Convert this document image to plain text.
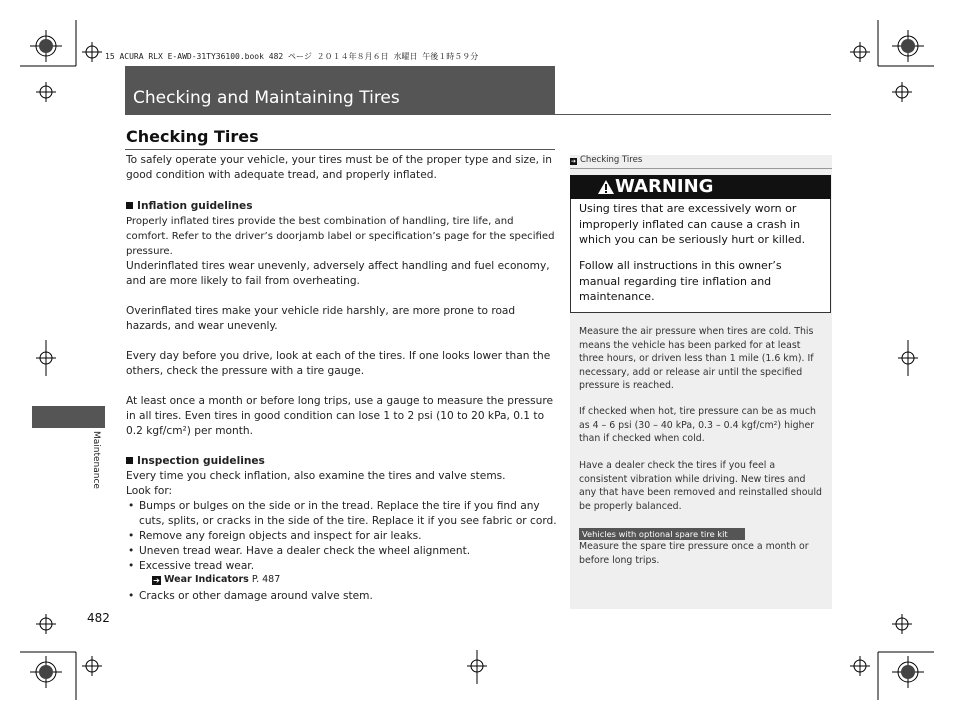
15 ACURA RLX E-AWD-31TY36100.book 482 ページ ２０１４年８月６日 水曜日 午後１時５９分
Checking and Maintaining Tires
Checking Tires
To safely operate your vehicle, your tires must be of the proper type and size, in good condition with adequate tread, and properly inflated.
Inflation guidelines
Properly inflated tires provide the best combination of handling, tire life, and comfort. Refer to the driver’s doorjamb label or specification’s page for the specified pressure.
Underinflated tires wear unevenly, adversely affect handling and fuel economy, and are more likely to fail from overheating.
Overinflated tires make your vehicle ride harshly, are more prone to road hazards, and wear unevenly.
Every day before you drive, look at each of the tires. If one looks lower than the others, check the pressure with a tire gauge.
At least once a month or before long trips, use a gauge to measure the pressure in all tires. Even tires in good condition can lose 1 to 2 psi (10 to 20 kPa, 0.1 to 0.2 kgf/cm²) per month.
Inspection guidelines
Every time you check inflation, also examine the tires and valve stems.
Look for:
• Bumps or bulges on the side or in the tread. Replace the tire if you find any cuts, splits, or cracks in the side of the tire. Replace it if you see fabric or cord.
• Remove any foreign objects and inspect for air leaks.
• Uneven tread wear. Have a dealer check the wheel alignment.
• Excessive tread wear.
➔ Wear Indicators P. 487
• Cracks or other damage around valve stem.
Maintenance
482
➔ Checking Tires
WARNING
Using tires that are excessively worn or improperly inflated can cause a crash in which you can be seriously hurt or killed.
Follow all instructions in this owner’s manual regarding tire inflation and maintenance.
Measure the air pressure when tires are cold. This means the vehicle has been parked for at least three hours, or driven less than 1 mile (1.6 km). If necessary, add or release air until the specified pressure is reached.
If checked when hot, tire pressure can be as much as 4 – 6 psi (30 – 40 kPa, 0.3 – 0.4 kgf/cm²) higher than if checked when cold.
Have a dealer check the tires if you feel a consistent vibration while driving. New tires and any that have been removed and reinstalled should be properly balanced.
Vehicles with optional spare tire kit
Measure the spare tire pressure once a month or before long trips.
